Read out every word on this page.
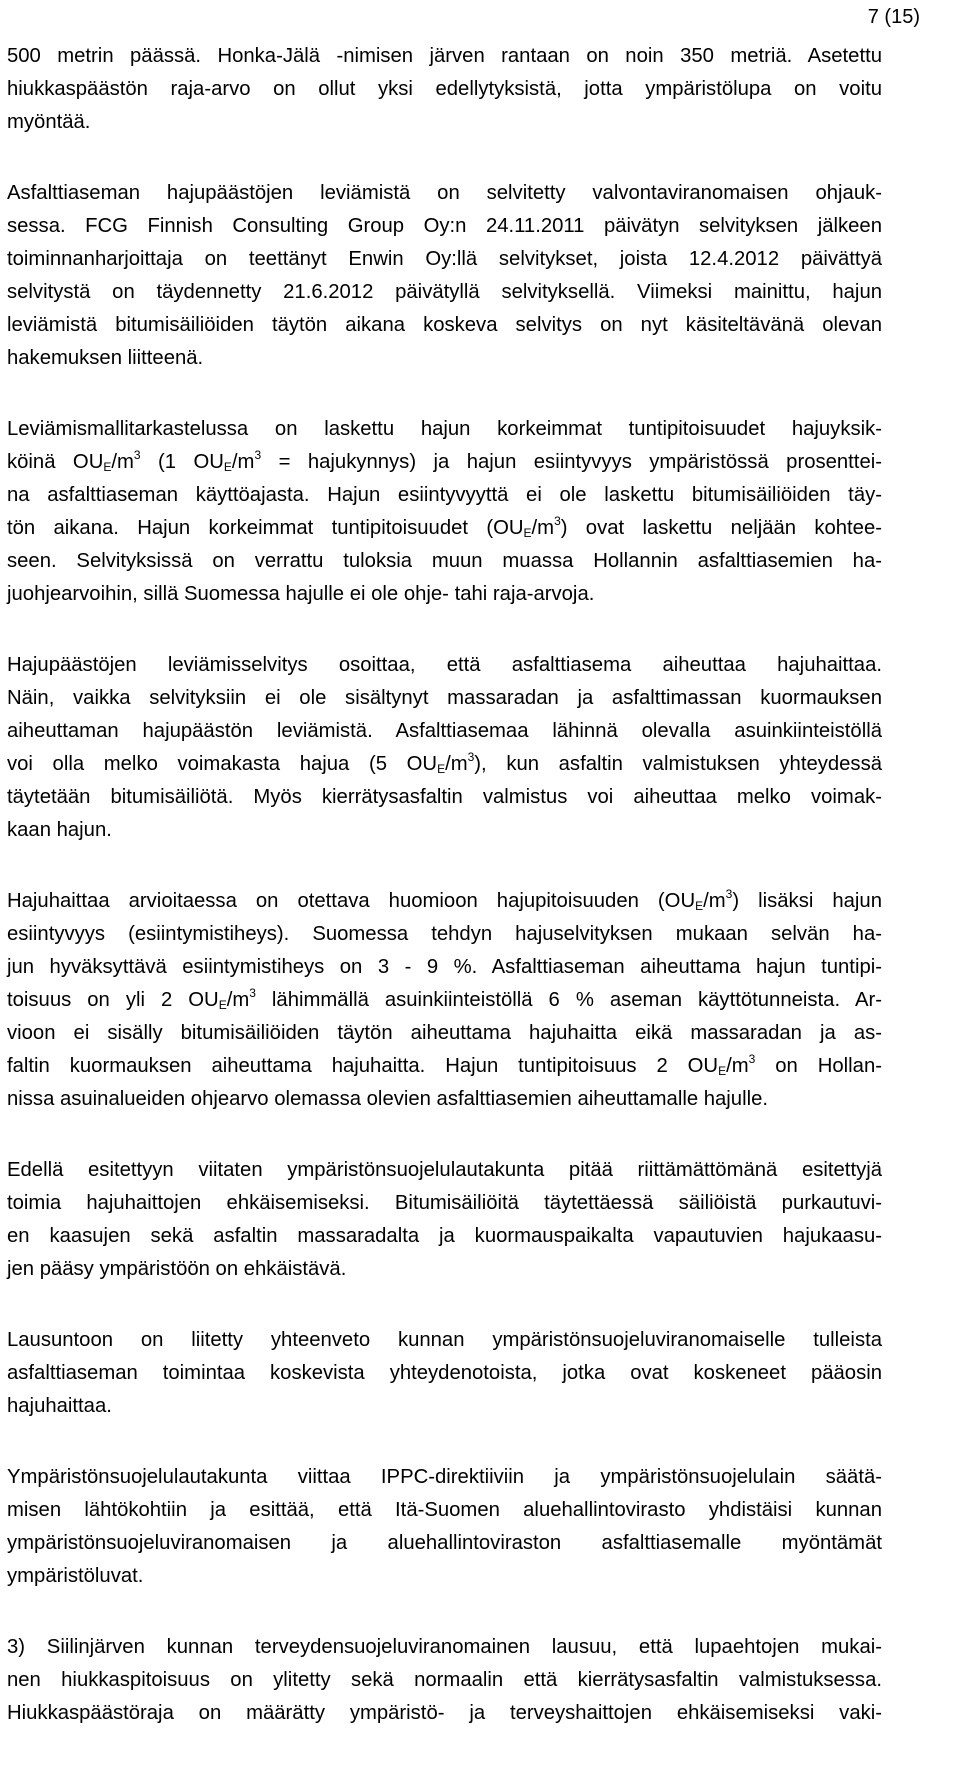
7 (15)
500 metrin päässä. Honka-Jälä -nimisen järven rantaan on noin 350 metriä. Asetettu
hiukkaspäästön raja-arvo on ollut yksi edellytyksistä, jotta ympäristölupa on voitu
myöntää.
Asfalttiaseman hajupäästöjen leviämistä on selvitetty valvontaviranomaisen ohjauk-
sessa. FCG Finnish Consulting Group Oy:n 24.11.2011 päivätyn selvityksen jälkeen
toiminnanharjoittaja on teettänyt Enwin Oy:llä selvitykset, joista 12.4.2012 päivättyä
selvitystä on täydennetty 21.6.2012 päivätyllä selvityksellä. Viimeksi mainittu, hajun
leviämistä bitumisäiliöiden täytön aikana koskeva selvitys on nyt käsiteltävänä olevan
hakemuksen liitteenä.
Leviämismallitarkastelussa on laskettu hajun korkeimmat tuntipitoisuudet hajuyksik-
köinä $OU_E/m^3$ (1 $OU_E/m^3$ = hajukynnys) ja hajun esiintyvyys ympäristössä prosenttei-
na asfalttiaseman käyttöajasta. Hajun esiintyvyyttä ei ole laskettu bitumisäiliöiden täy-
tön aikana. Hajun korkeimmat tuntipitoisuudet $(OU_E/m^3)$ ovat laskettu neljään kohtee-
seen. Selvityksissä on verrattu tuloksia muun muassa Hollannin asfalttiasemien ha-
juohjearvoihin, sillä Suomessa hajulle ei ole ohje- tahi raja-arvoja.
Hajupäästöjen leviämisselvitys osoittaa, että asfalttiasema aiheuttaa hajuhaittaa.
Näin, vaikka selvityksiin ei ole sisältynyt massaradan ja asfalttimassan kuormauksen
aiheuttaman hajupäästön leviämistä. Asfalttiasemaa lähinnä olevalla asuinkiinteistöllä
voi olla melko voimakasta hajua (5 $OU_E/m^3$), kun asfaltin valmistuksen yhteydessä
täytetään bitumisäiliötä. Myös kierrätysasfaltin valmistus voi aiheuttaa melko voimak-
kaan hajun.
Hajuhaittaa arvioitaessa on otettava huomioon hajupitoisuuden $(OU_E/m^3)$ lisäksi hajun
esiintyvyys (esiintymistiheys). Suomessa tehdyn hajuselvityksen mukaan selvän ha-
jun hyväksyttävä esiintymistiheys on 3 - 9 %. Asfalttiaseman aiheuttama hajun tuntipi-
toisuus on yli 2 $OU_E/m^3$ lähimmällä asuinkiinteistöllä 6 % aseman käyttötunneista. Ar-
vioon ei sisälly bitumisäiliöiden täytön aiheuttama hajuhaitta eikä massaradan ja as-
faltin kuormauksen aiheuttama hajuhaitta. Hajun tuntipitoisuus 2 $OU_E/m^3$ on Hollan-
nissa asuinalueiden ohjearvo olemassa olevien asfalttiasemien aiheuttamalle hajulle.
Edellä esitettyyn viitaten ympäristönsuojelulautakunta pitää riittämättömänä esitettyjä
toimia hajuhaittojen ehkäisemiseksi. Bitumisäiliöitä täytettäessä säiliöistä purkautuvi-
en kaasujen sekä asfaltin massaradalta ja kuormauspaikalta vapautuvien hajukaasu-
jen pääsy ympäristöön on ehkäistävä.
Lausuntoon on liitetty yhteenveto kunnan ympäristönsuojeluviranomaiselle tulleista
asfalttiaseman toimintaa koskevista yhteydenotoista, jotka ovat koskeneet pääosin
hajuhaittaa.
Ympäristönsuojelulautakunta viittaa IPPC-direktiiviin ja ympäristönsuojelulain säätä-
misen lähtökohtiin ja esittää, että Itä-Suomen aluehallintovirasto yhdistäisi kunnan
ympäristönsuojeluviranomaisen ja aluehallintoviraston asfalttiasemalle myöntämät
ympäristöluvat.
3) Siilinjärven kunnan terveydensuojeluviranomainen lausuu, että lupaehtojen mukai-
nen hiukkaspitoisuus on ylitetty sekä normaalin että kierrätysasfaltin valmistuksessa.
Hiukkaspäästöraja on määrätty ympäristö- ja terveyshaittojen ehkäisemiseksi vaki-
